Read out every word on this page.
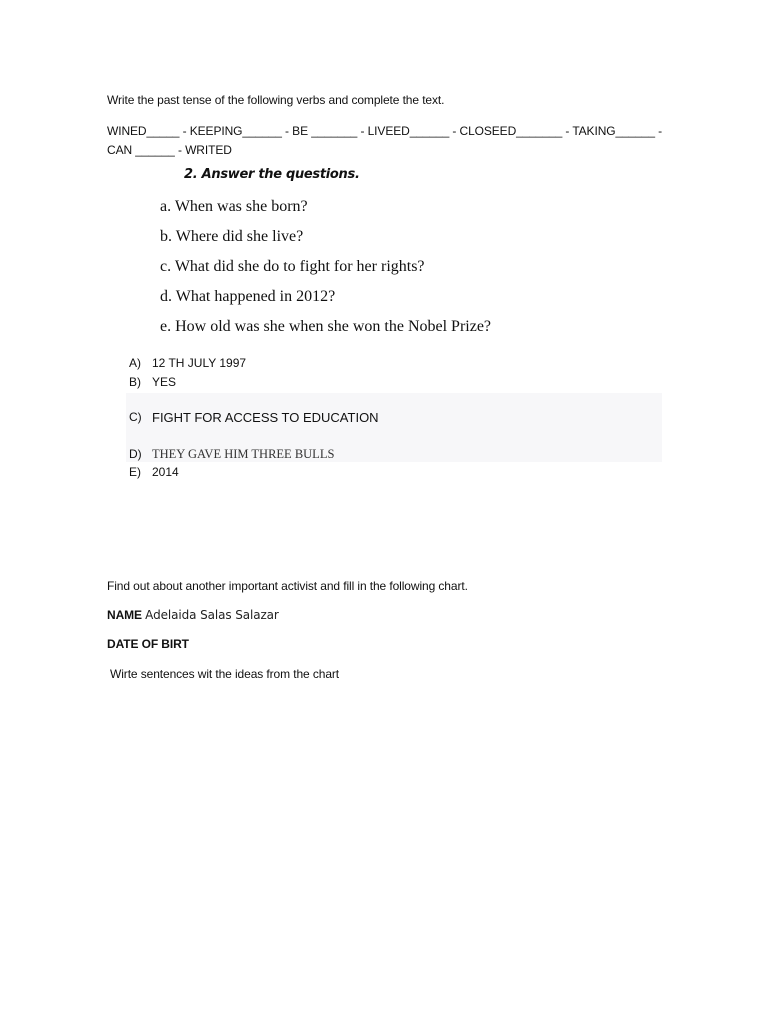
Write the past tense of the following verbs and complete the text.
WINED_____ - KEEPING______ - BE _______ - LIVEED______ - CLOSEED_______ - TAKING______ - CAN ______ - WRITED
2. Answer the questions.
a. When was she born?
b. Where did she live?
c. What did she do to fight for her rights?
d. What happened in 2012?
e. How old was she when she won the Nobel Prize?
A) 12 TH JULY 1997
B) YES
C) FIGHT FOR ACCESS TO EDUCATION
D) THEY GAVE HIM THREE BULLS
E) 2014
Find out about another important activist and fill in the following chart.
NAME Adelaida Salas Salazar
DATE OF BIRT
Wirte sentences wit the ideas from the chart
